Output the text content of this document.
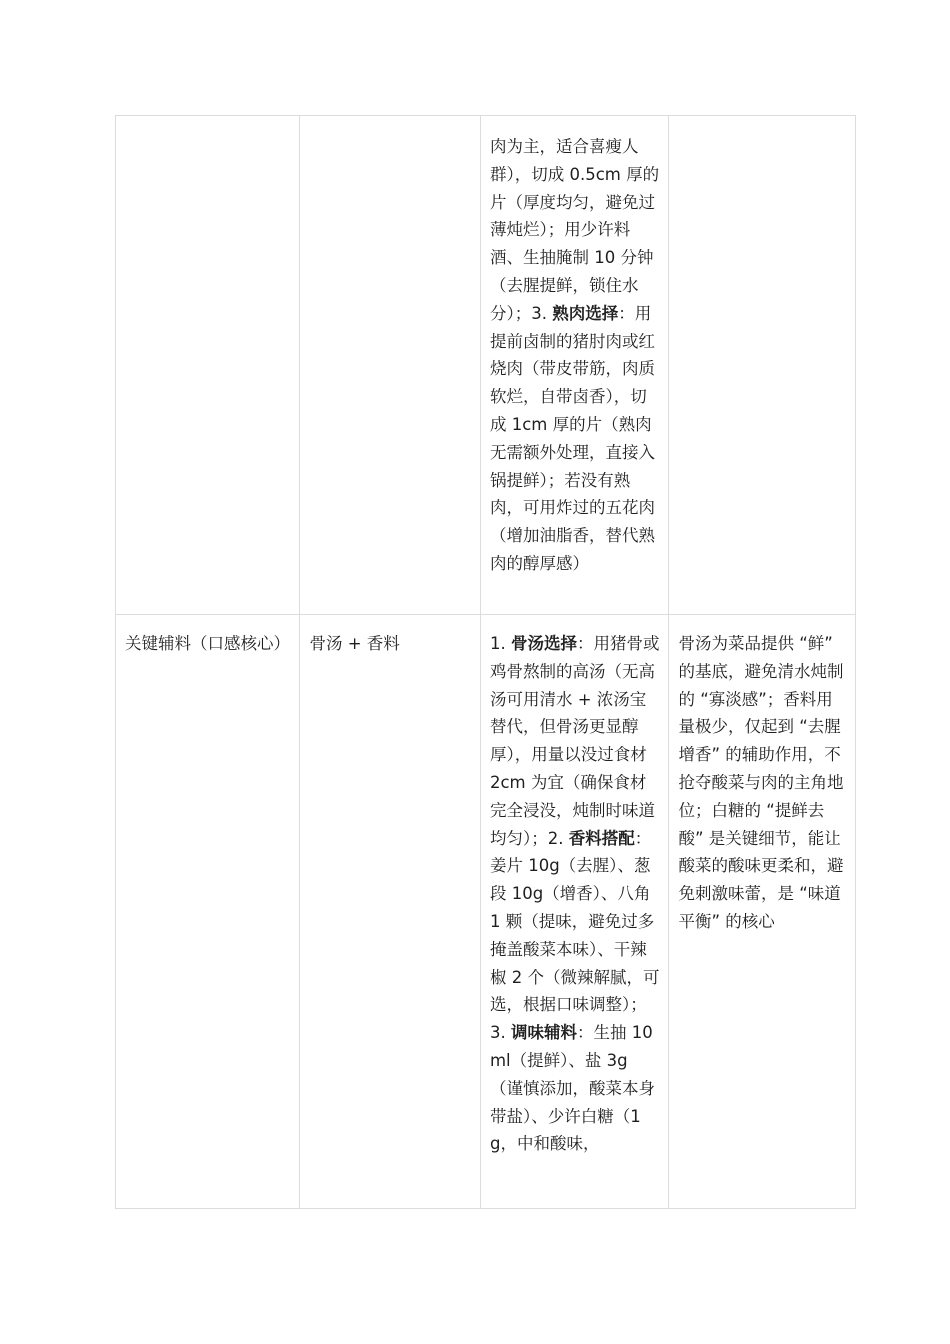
		肉为主，适合喜瘦人群），切成 0.5cm 厚的片（厚度均匀，避免过薄炖烂）；用少许料酒、生抽腌制 10 分钟（去腥提鲜，锁住水分）；3. 熟肉选择：用提前卤制的猪肘肉或红烧肉（带皮带筋，肉质软烂，自带卤香），切成 1cm 厚的片（熟肉无需额外处理，直接入锅提鲜）；若没有熟肉，可用炸过的五花肉（增加油脂香，替代熟肉的醇厚感）	
关键辅料（口感核心）	骨汤 + 香料	1. 骨汤选择：用猪骨或鸡骨熬制的高汤（无高汤可用清水 + 浓汤宝替代，但骨汤更显醇厚），用量以没过食材 2cm 为宜（确保食材完全浸没，炖制时味道均匀）；2. 香料搭配：姜片 10g（去腥）、葱段 10g（增香）、八角 1 颗（提味，避免过多掩盖酸菜本味）、干辣椒 2 个（微辣解腻，可选，根据口味调整）；3. 调味辅料：生抽 10ml（提鲜）、盐 3g（谨慎添加，酸菜本身带盐）、少许白糖（1g，中和酸味，	骨汤为菜品提供 “鲜” 的基底，避免清水炖制的 “寡淡感”；香料用量极少，仅起到 “去腥增香” 的辅助作用，不抢夺酸菜与肉的主角地位；白糖的 “提鲜去酸” 是关键细节，能让酸菜的酸味更柔和，避免刺激味蕾，是 “味道平衡” 的核心
